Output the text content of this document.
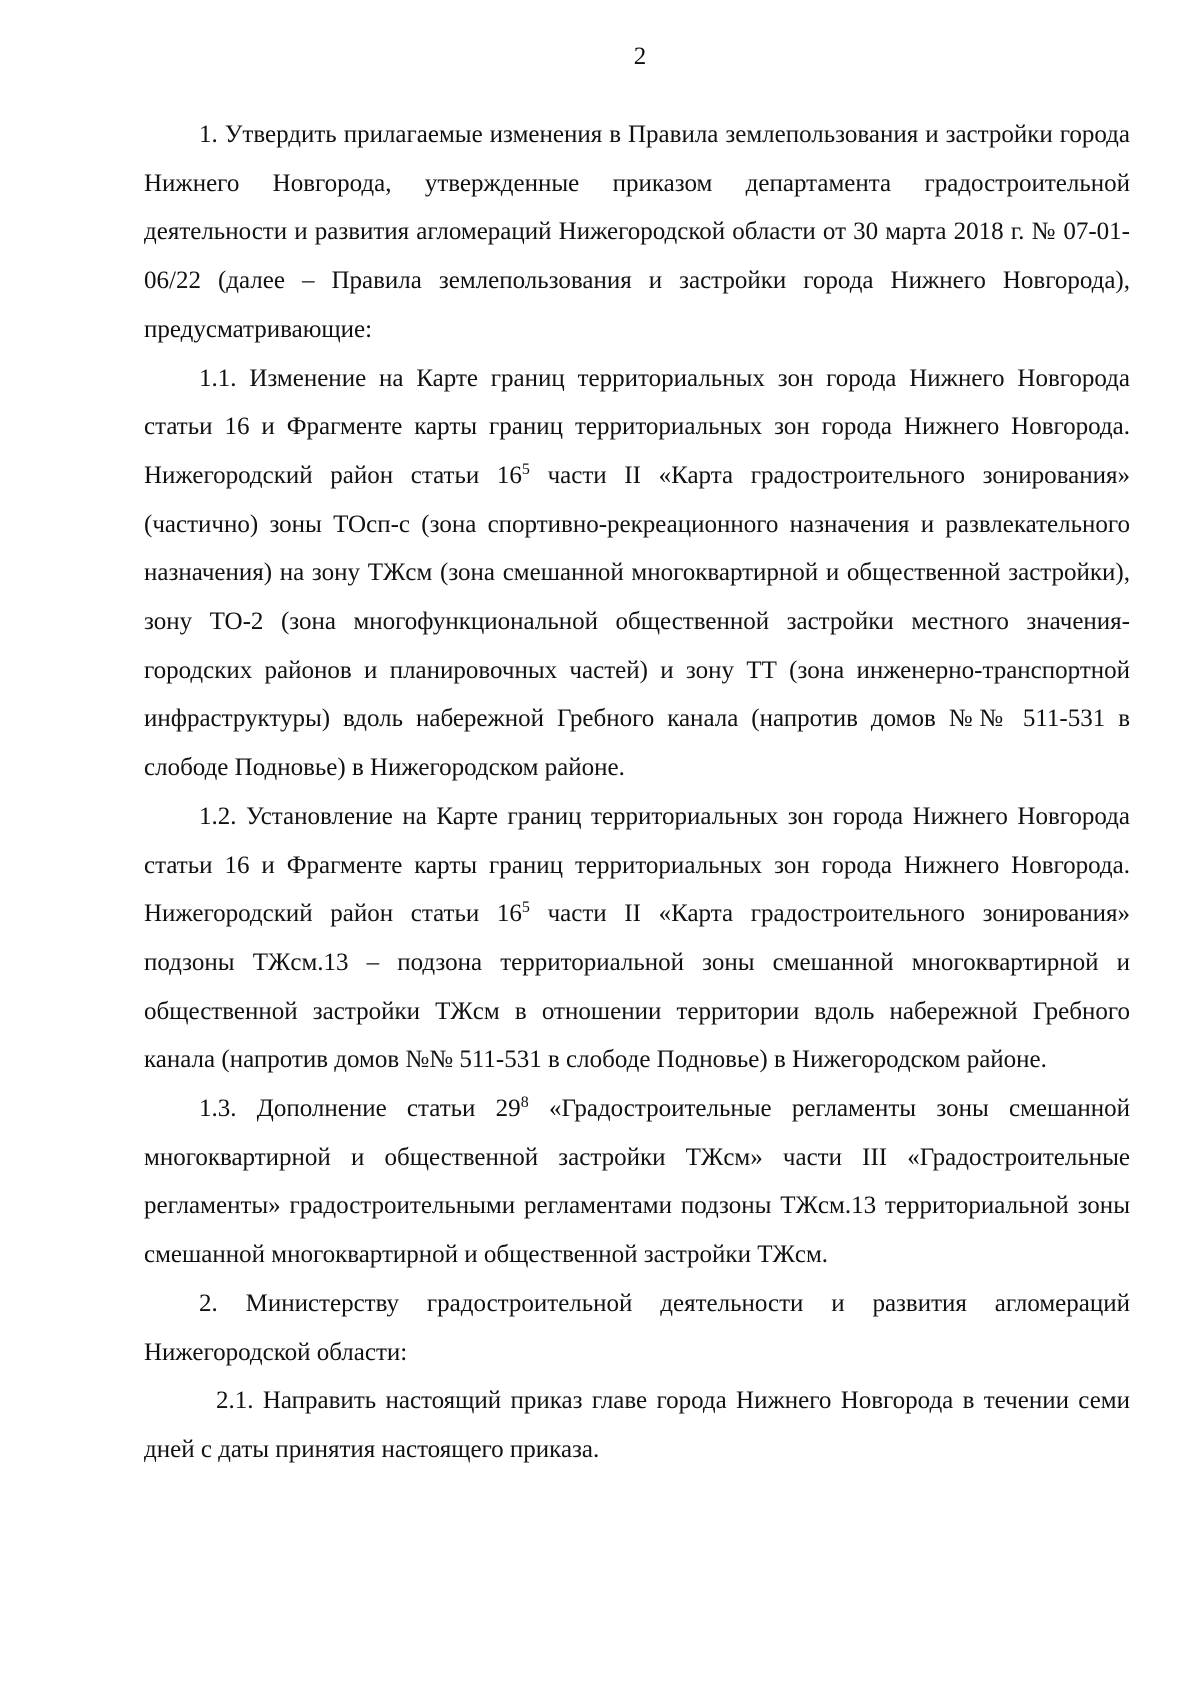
2

1. Утвердить прилагаемые изменения в Правила землепользования и застройки города Нижнего Новгорода, утвержденные приказом департамента градостроительной деятельности и развития агломераций Нижегородской области от 30 марта 2018 г. № 07-01-06/22 (далее – Правила землепользования и застройки города Нижнего Новгорода), предусматривающие:

1.1. Изменение на Карте границ территориальных зон города Нижнего Новгорода статьи 16 и Фрагменте карты границ территориальных зон города Нижнего Новгорода. Нижегородский район статьи $16^5$ части II «Карта градостроительного зонирования» (частично) зоны ТОсп-с (зона спортивно-рекреационного назначения и развлекательного назначения) на зону ТЖсм (зона смешанной многоквартирной и общественной застройки), зону ТО-2 (зона многофункциональной общественной застройки местного значения-городских районов и планировочных частей) и зону ТТ (зона инженерно-транспортной инфраструктуры) вдоль набережной Гребного канала (напротив домов №№ 511-531 в слободе Подновье) в Нижегородском районе.

1.2. Установление на Карте границ территориальных зон города Нижнего Новгорода статьи 16 и Фрагменте карты границ территориальных зон города Нижнего Новгорода. Нижегородский район статьи $16^5$ части II «Карта градостроительного зонирования» подзоны ТЖсм.13 – подзона территориальной зоны смешанной многоквартирной и общественной застройки ТЖсм в отношении территории вдоль набережной Гребного канала (напротив домов №№ 511-531 в слободе Подновье) в Нижегородском районе.

1.3. Дополнение статьи $29^8$ «Градостроительные регламенты зоны смешанной многоквартирной и общественной застройки ТЖсм» части III «Градостроительные регламенты» градостроительными регламентами подзоны ТЖсм.13 территориальной зоны смешанной многоквартирной и общественной застройки ТЖсм.

2. Министерству градостроительной деятельности и развития агломераций Нижегородской области:

2.1. Направить настоящий приказ главе города Нижнего Новгорода в течении семи дней с даты принятия настоящего приказа.
